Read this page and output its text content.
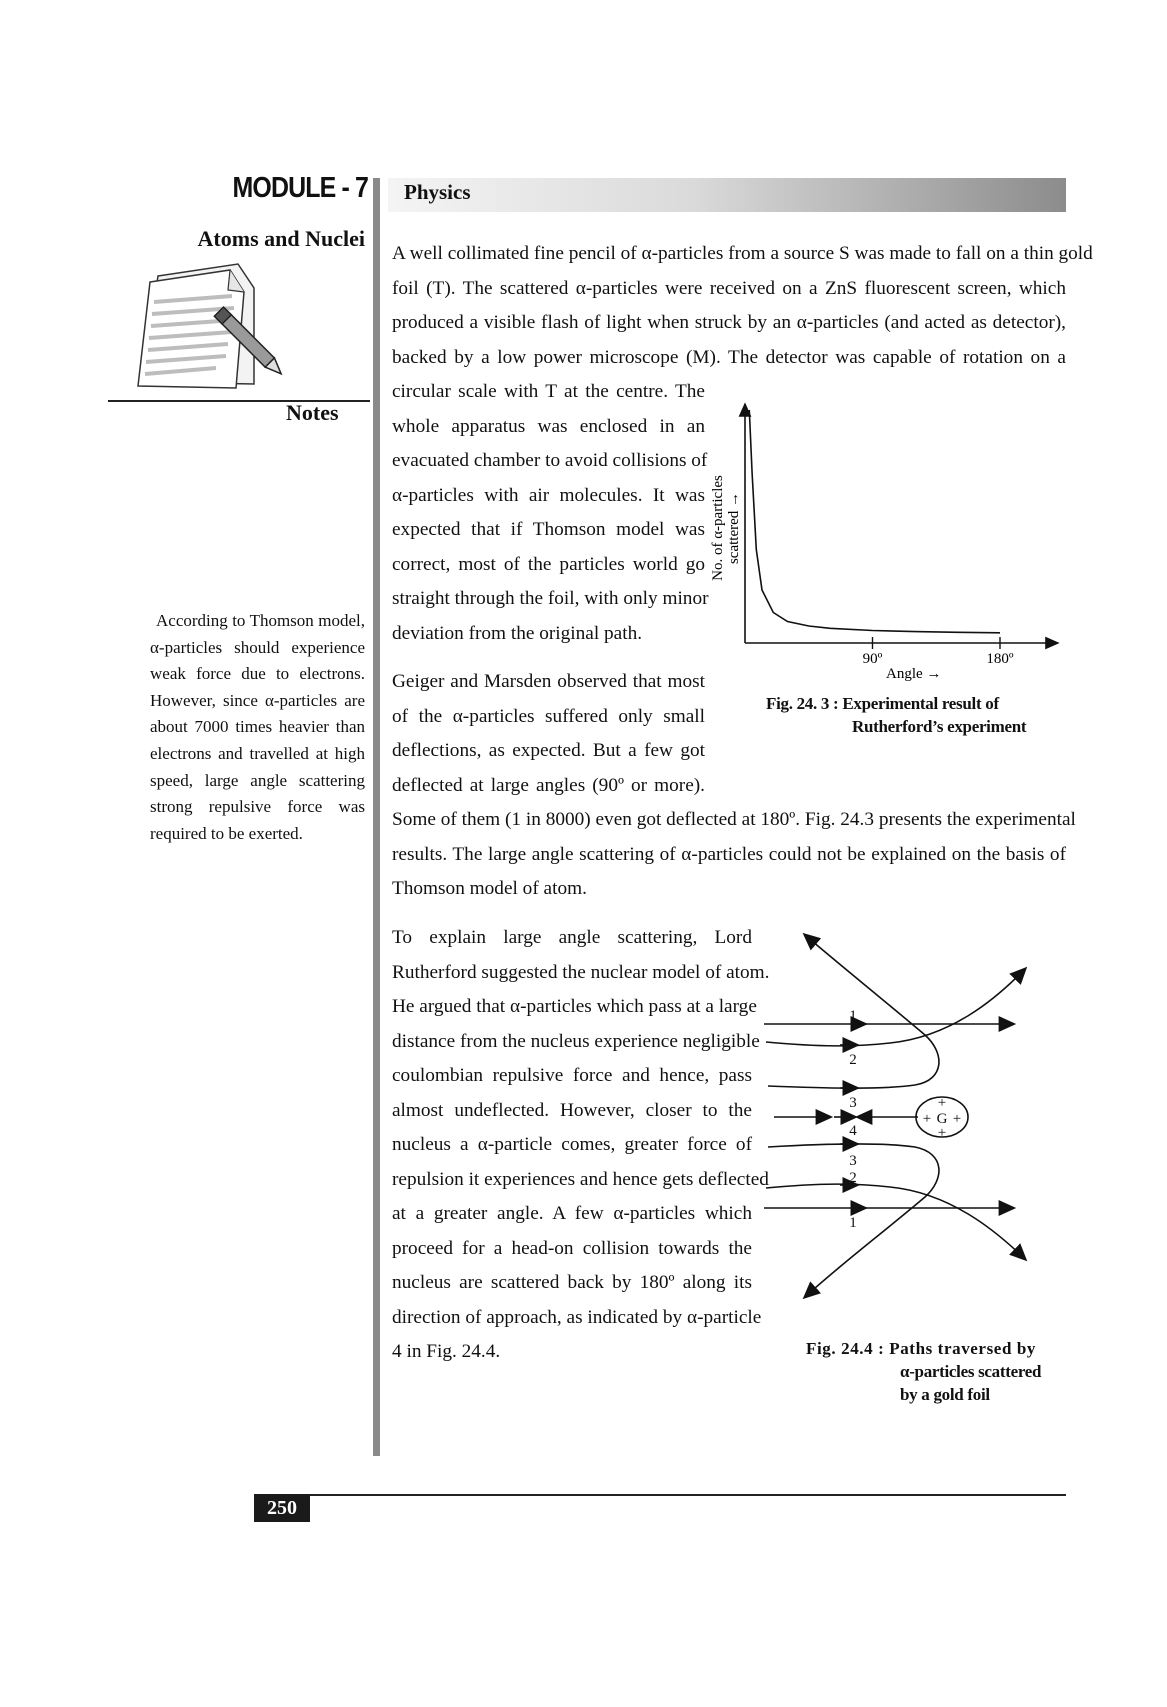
MODULE - 7
Atoms and Nuclei
Notes
According to Thomson model,
α-particles should experience
weak force due to electrons.
However, since α-particles are
about 7000 times heavier than
electrons and travelled at high
speed, large angle scattering
strong repulsive force was
required to be exerted.
Physics
A well collimated fine pencil of α-particles from a source S was made to fall on a thin gold
foil (T). The scattered α-particles were received on a ZnS fluorescent screen, which
produced a visible flash of light when struck by an α-particles (and acted as detector),
backed by a low power microscope (M). The detector was capable of rotation on a
circular scale with T at the centre. The
whole apparatus was enclosed in an
evacuated chamber to avoid collisions of
α-particles with air molecules. It was
expected that if Thomson model was
correct, most of the particles world go
straight through the foil, with only minor
deviation from the original path.
Geiger and Marsden observed that most
of the α-particles suffered only small
deflections, as expected. But a few got
deflected at large angles (90º or more).
Some of them (1 in 8000) even got deflected at 180º. Fig. 24.3 presents the experimental
results. The large angle scattering of α-particles could not be explained on the basis of
Thomson model of atom.
To explain large angle scattering, Lord
Rutherford suggested the nuclear model of atom.
He argued that α-particles which pass at a large
distance from the nucleus experience negligible
coulombian repulsive force and hence, pass
almost undeflected. However, closer to the
nucleus a α-particle comes, greater force of
repulsion it experiences and hence gets deflected
at a greater angle. A few α-particles which
proceed for a head-on collision towards the
nucleus are scattered back by 180º along its
direction of approach, as indicated by α-particle
4 in Fig. 24.4.
90º	180º
Angle →
No. of α-particles scattered →
Fig. 24. 3 : Experimental result of
Rutherford’s experiment
1
2
3
4
3
2
1
G
+
+
+ +
Fig. 24.4 : Paths traversed by
α-particles scattered
by a gold foil
250
